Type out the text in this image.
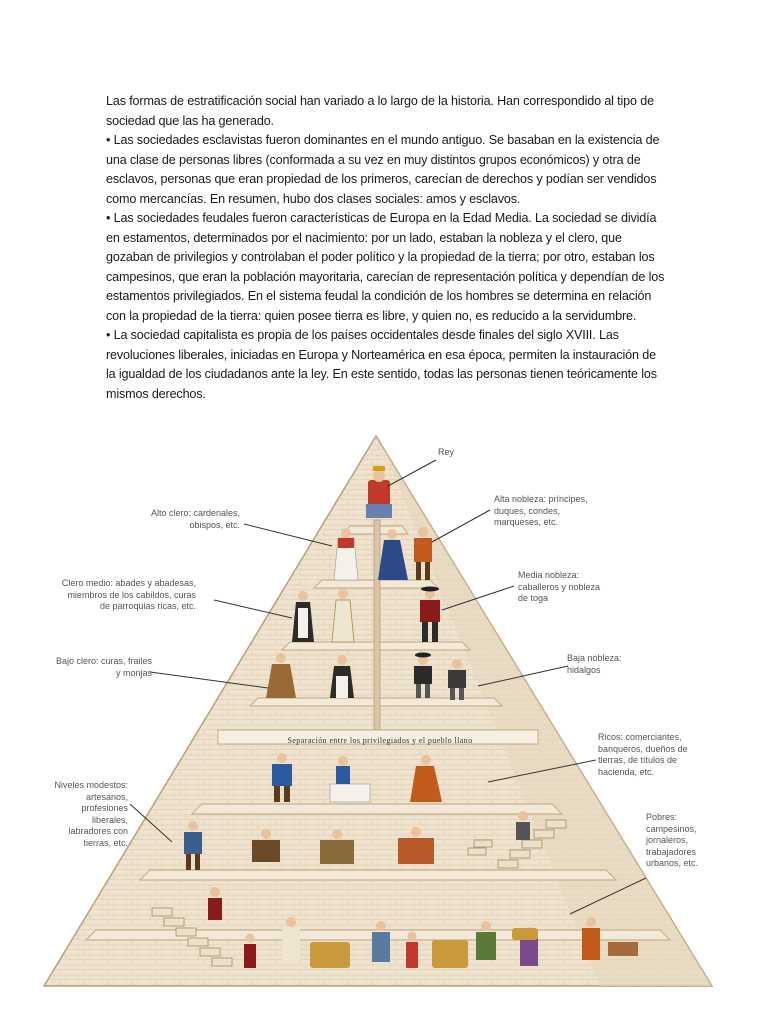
Las formas de estratificación social han variado a lo largo de la historia. Han correspondido al tipo de sociedad que las ha generado.

• Las sociedades esclavistas fueron dominantes en el mundo antiguo. Se basaban en la existencia de una clase de personas libres (conformada a su vez en muy distintos grupos económicos) y otra de esclavos, personas que eran propiedad de los primeros, carecían de derechos y podían ser vendidos como mercancías. En resumen, hubo dos clases sociales: amos y esclavos.

• Las sociedades feudales fueron características de Europa en la Edad Media. La sociedad se dividía en estamentos, determinados por el nacimiento: por un lado, estaban la nobleza y el clero, que gozaban de privilegios y controlaban el poder político y la propiedad de la tierra; por otro, estaban los campesinos, que eran la población mayoritaria, carecían de representación política y dependían de los estamentos privilegiados. En el sistema feudal la condición de los hombres se determina en relación con la propiedad de la tierra: quien posee tierra es libre, y quien no, es reducido a la servidumbre.

• La sociedad capitalista es propia de los países occidentales desde finales del siglo XVIII. Las revoluciones liberales, iniciadas en Europa y Norteamérica en esa época, permiten la instauración de la igualdad de los ciudadanos ante la ley. En este sentido, todas las personas tienen teóricamente los mismos derechos.

Rey
Alto clero: cardenales, obispos, etc.
Alta nobleza: príncipes, duques, condes, marqueses, etc.
Clero medio: abades y abadesas, miembros de los cabildos, curas de parroquias ricas, etc.
Media nobleza: caballeros y nobleza de toga
Bajo clero: curas, frailes y monjas
Baja nobleza: hidalgos
Ricos: comerciantes, banqueros, dueños de tierras, de títulos de hacienda, etc.
Niveles modestos: artesanos, profesiones liberales, labradores con tierras, etc.
Pobres: campesinos, jornaleros, trabajadores urbanos, etc.
Separación entre los privilegiados y el pueblo llano
